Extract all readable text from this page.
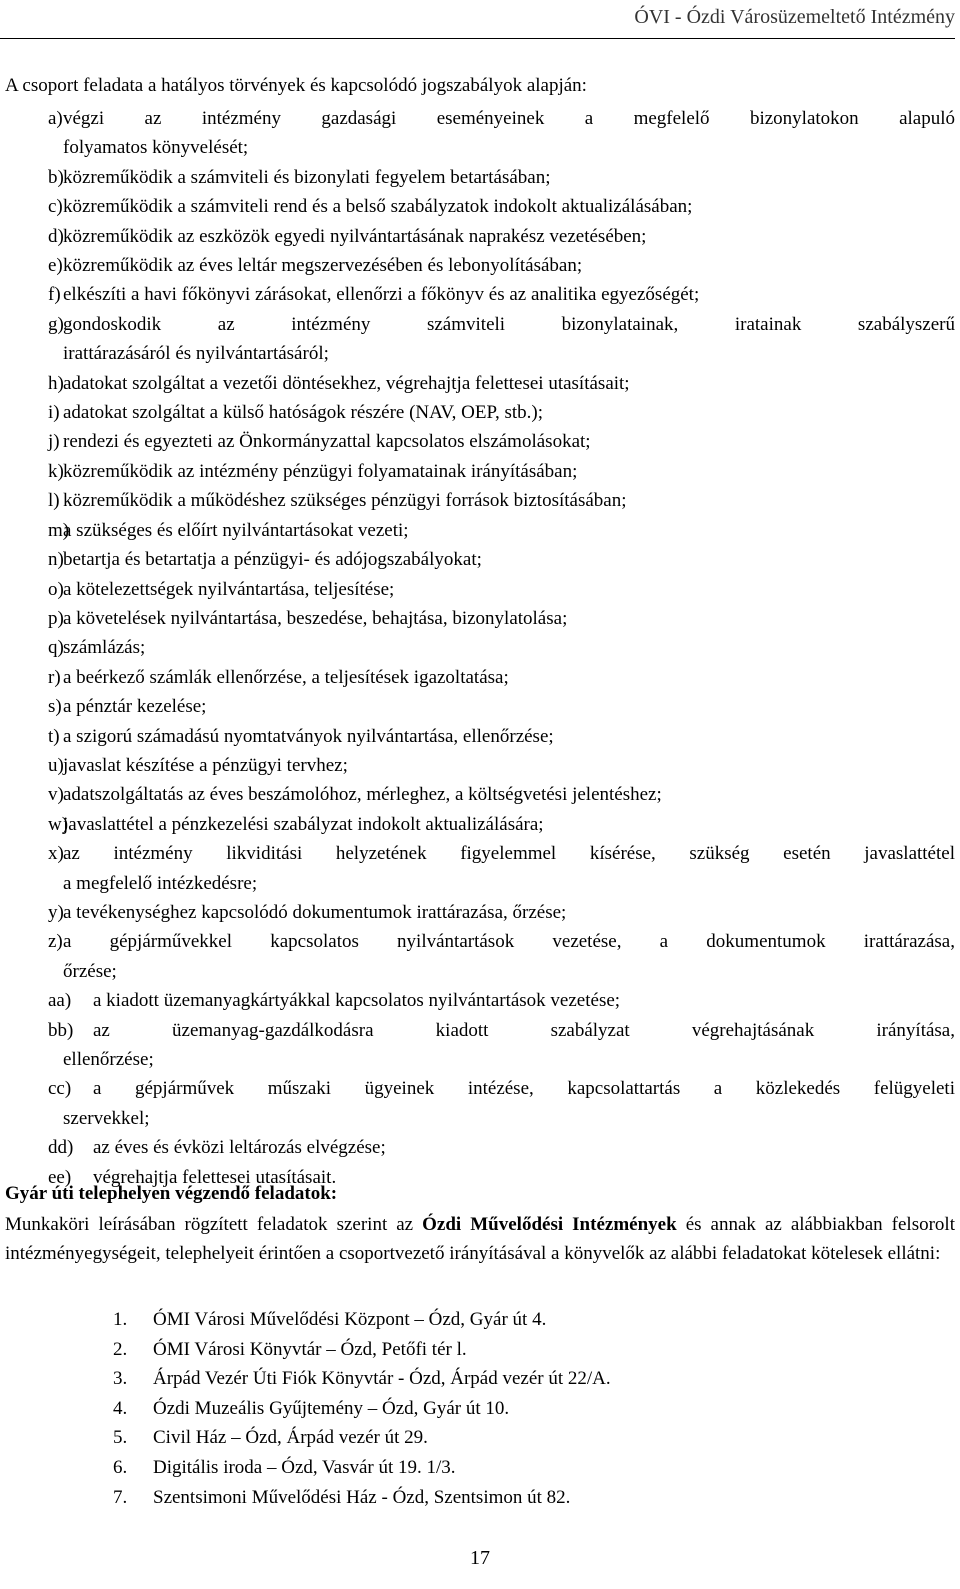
ÓVI - Ózdi Városüzemeltető Intézmény
A csoport feladata a hatályos törvények és kapcsolódó jogszabályok alapján:
a) végzi az intézmény gazdasági eseményeinek a megfelelő bizonylatokon alapuló
folyamatos könyvelését;
b) közreműködik a számviteli és bizonylati fegyelem betartásában;
c) közreműködik a számviteli rend és a belső szabályzatok indokolt aktualizálásában;
d) közreműködik az eszközök egyedi nyilvántartásának naprakész vezetésében;
e) közreműködik az éves leltár megszervezésében és lebonyolításában;
f) elkészíti a havi főkönyvi zárásokat, ellenőrzi a főkönyv és az analitika egyezőségét;
g) gondoskodik az intézmény számviteli bizonylatainak, iratainak szabályszerű
irattárazásáról és nyilvántartásáról;
h) adatokat szolgáltat a vezetői döntésekhez, végrehajtja felettesei utasításait;
i) adatokat szolgáltat a külső hatóságok részére (NAV, OEP, stb.);
j) rendezi és egyezteti az Önkormányzattal kapcsolatos elszámolásokat;
k) közreműködik az intézmény pénzügyi folyamatainak irányításában;
l) közreműködik a működéshez szükséges pénzügyi források biztosításában;
m)
a szükséges és előírt nyilvántartásokat vezeti;
n) betartja és betartatja a pénzügyi- és adójogszabályokat;
o) a kötelezettségek nyilvántartása, teljesítése;
p) a követelések nyilvántartása, beszedése, behajtása, bizonylatolása;
q) számlázás;
r) a beérkező számlák ellenőrzése, a teljesítések igazoltatása;
s) a pénztár kezelése;
t) a szigorú számadású nyomtatványok nyilvántartása, ellenőrzése;
u) javaslat készítése a pénzügyi tervhez;
v) adatszolgáltatás az éves beszámolóhoz, mérleghez, a költségvetési jelentéshez;
w)
javaslattétel a pénzkezelési szabályzat indokolt aktualizálására;
x) az intézmény likviditási helyzetének figyelemmel kísérése, szükség esetén javaslattétel
a megfelelő intézkedésre;
y) a tevékenységhez kapcsolódó dokumentumok irattárazása, őrzése;
z) a gépjárművekkel kapcsolatos nyilvántartások vezetése, a dokumentumok irattárazása,
őrzése;
aa)	a kiadott üzemanyagkártyákkal kapcsolatos nyilvántartások vezetése;
bb)	az üzemanyag-gazdálkodásra kiadott szabályzat végrehajtásának irányítása,
ellenőrzése;
cc)	a gépjárművek műszaki ügyeinek intézése, kapcsolattartás a közlekedés felügyeleti
szervekkel;
dd)	az éves és évközi leltározás elvégzése;
ee)	végrehajtja felettesei utasításait.
Gyár úti telephelyen végzendő feladatok:
Munkaköri leírásában rögzített feladatok szerint az Ózdi Művelődési Intézmények és annak az alábbiakban felsorolt intézményegységeit, telephelyeit érintően a csoportvezető irányításával a könyvelők az alábbi feladatokat kötelesek ellátni:
1. ÓMI Városi Művelődési Központ – Ózd, Gyár út 4.
2. ÓMI Városi Könyvtár – Ózd, Petőfi tér l.
3. Árpád Vezér Úti Fiók Könyvtár - Ózd, Árpád vezér út 22/A.
4. Ózdi Muzeális Gyűjtemény – Ózd, Gyár út 10.
5. Civil Ház – Ózd, Árpád vezér út 29.
6. Digitális iroda – Ózd, Vasvár út 19. 1/3.
7. Szentsimoni Művelődési Ház - Ózd, Szentsimon út 82.
17
